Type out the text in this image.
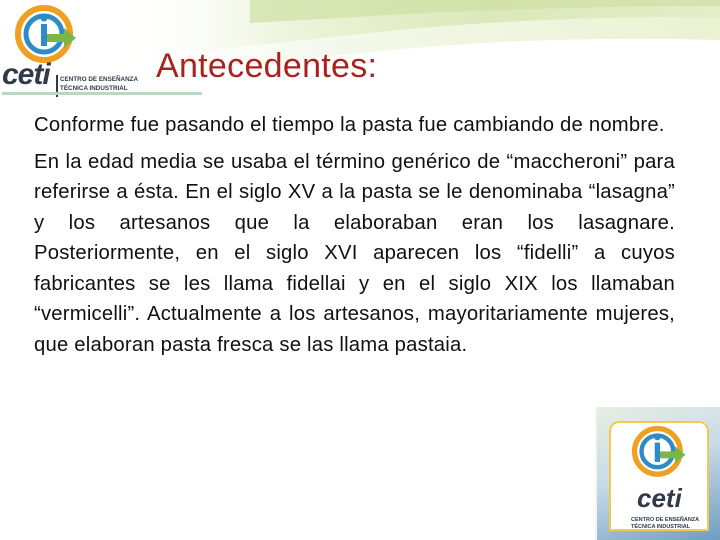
ceti CENTRO DE ENSEÑANZA
TÉCNICA INDUSTRIAL
Antecedentes:

Conforme fue pasando el tiempo la pasta fue cambiando de nombre.

En la edad media se usaba el término genérico de “maccheroni” para referirse a ésta. En el siglo XV a la pasta se le denominaba “lasagna” y los artesanos que la elaboraban eran los lasagnare. Posteriormente, en el siglo XVI aparecen los “fidelli” a cuyos fabricantes se les llama fidellai y en el siglo XIX los llamaban “vermicelli”. Actualmente a los artesanos, mayoritariamente mujeres, que elaboran pasta fresca se las llama pastaia.

ceti
CENTRO DE ENSEÑANZA
TÉCNICA INDUSTRIAL
